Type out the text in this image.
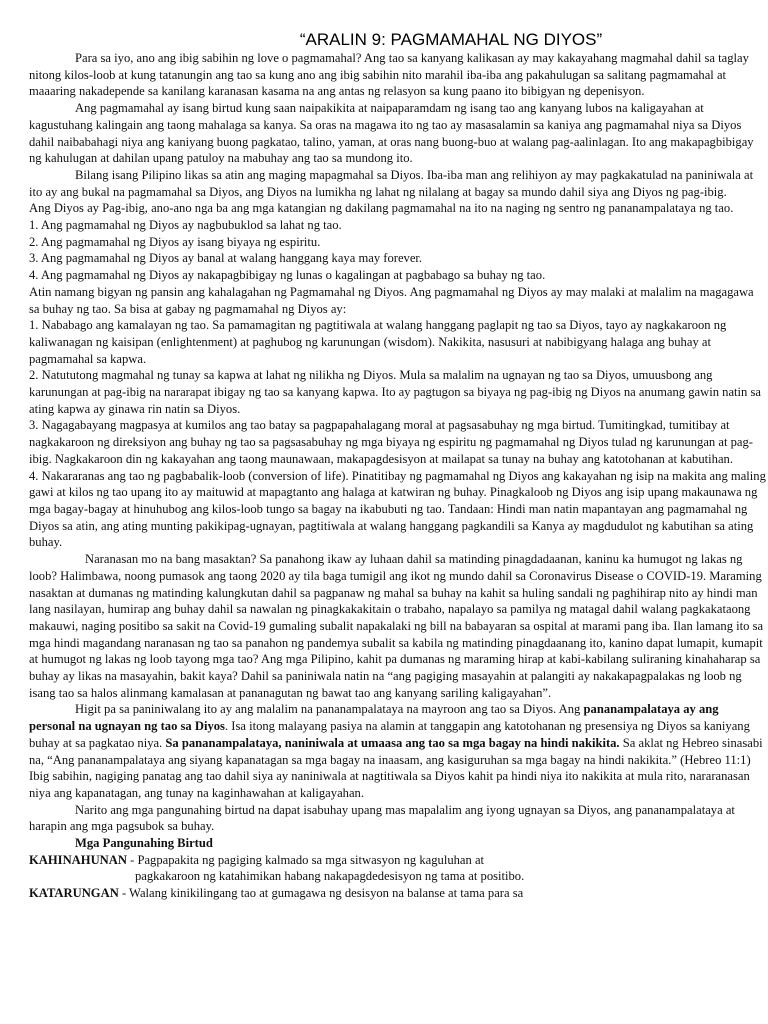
“ARALIN 9: PAGMAMAHAL NG DIYOS”

Para sa iyo, ano ang ibig sabihin ng love o pagmamahal? Ang tao sa kanyang kalikasan ay may kakayahang magmahal dahil sa taglay nitong kilos-loob at kung tatanungin ang tao sa kung ano ang ibig sabihin nito marahil iba-iba ang pakahulugan sa salitang pagmamahal at maaaring nakadepende sa kanilang karanasan kasama na ang antas ng relasyon sa kung paano ito bibigyan ng depenisyon.

Ang pagmamahal ay isang birtud kung saan naipakikita at naipaparamdam ng isang tao ang kanyang lubos na kaligayahan at kagustuhang kalingain ang taong mahalaga sa kanya. Sa oras na magawa ito ng tao ay masasalamin sa kaniya ang pagmamahal niya sa Diyos dahil naibabahagi niya ang kaniyang buong pagkatao, talino, yaman, at oras nang buong-buo at walang pag-aalinlagan. Ito ang makapagbibigay ng kahulugan at dahilan upang patuloy na mabuhay ang tao sa mundong ito.

Bilang isang Pilipino likas sa atin ang maging mapagmahal sa Diyos. Iba-iba man ang relihiyon ay may pagkakatulad na paniniwala at ito ay ang bukal na pagmamahal sa Diyos, ang Diyos na lumikha ng lahat ng nilalang at bagay sa mundo dahil siya ang Diyos ng pag-ibig.

Ang Diyos ay Pag-ibig, ano-ano nga ba ang mga katangian ng dakilang pagmamahal na ito na naging ng sentro ng pananampalataya ng tao.

1. Ang pagmamahal ng Diyos ay nagbubuklod sa lahat ng tao.

2. Ang pagmamahal ng Diyos ay isang biyaya ng espiritu.

3. Ang pagmamahal ng Diyos ay banal at walang hanggang kaya may forever.

4. Ang pagmamahal ng Diyos ay nakapagbibigay ng lunas o kagalingan at pagbabago sa buhay ng tao.

Atin namang bigyan ng pansin ang kahalagahan ng Pagmamahal ng Diyos. Ang pagmamahal ng Diyos ay may malaki at malalim na magagawa sa buhay ng tao. Sa bisa at gabay ng pagmamahal ng Diyos ay:

1. Nababago ang kamalayan ng tao. Sa pamamagitan ng pagtitiwala at walang hanggang paglapit ng tao sa Diyos, tayo ay nagkakaroon ng kaliwanagan ng kaisipan (enlightenment) at paghubog ng karunungan (wisdom). Nakikita, nasusuri at nabibigyang halaga ang buhay at pagmamahal sa kapwa.

2. Natututong magmahal ng tunay sa kapwa at lahat ng nilikha ng Diyos. Mula sa malalim na ugnayan ng tao sa Diyos, umuusbong ang karunungan at pag-ibig na nararapat ibigay ng tao sa kanyang kapwa. Ito ay pagtugon sa biyaya ng pag-ibig ng Diyos na anumang gawin natin sa ating kapwa ay ginawa rin natin sa Diyos.

3. Nagagabayang magpasya at kumilos ang tao batay sa pagpapahalagang moral at pagsasabuhay ng mga birtud. Tumitingkad, tumitibay at nagkakaroon ng direksiyon ang buhay ng tao sa pagsasabuhay ng mga biyaya ng espiritu ng pagmamahal ng Diyos tulad ng karunungan at pag-ibig. Nagkakaroon din ng kakayahan ang taong maunawaan, makapagdesisyon at mailapat sa tunay na buhay ang katotohanan at kabutihan.

4. Nakararanas ang tao ng pagbabalik-loob (conversion of life). Pinatitibay ng pagmamahal ng Diyos ang kakayahan ng isip na makita ang maling gawi at kilos ng tao upang ito ay maituwid at mapagtanto ang halaga at katwiran ng buhay. Pinagkaloob ng Diyos ang isip upang makaunawa ng mga bagay-bagay at hinuhubog ang kilos-loob tungo sa bagay na ikabubuti ng tao. Tandaan: Hindi man natin mapantayan ang pagmamahal ng Diyos sa atin, ang ating munting pakikipag-ugnayan, pagtitiwala at walang hanggang pagkandili sa Kanya ay magdudulot ng kabutihan sa ating buhay.

Naranasan mo na bang masaktan? Sa panahong ikaw ay luhaan dahil sa matinding pinagdadaanan, kaninu ka humugot ng lakas ng loob? Halimbawa, noong pumasok ang taong 2020 ay tila baga tumigil ang ikot ng mundo dahil sa Coronavirus Disease o COVID-19. Maraming nasaktan at dumanas ng matinding kalungkutan dahil sa pagpanaw ng mahal sa buhay na kahit sa huling sandali ng paghihirap nito ay hindi man lang nasilayan, humirap ang buhay dahil sa nawalan ng pinagkakakitain o trabaho, napalayo sa pamilya ng matagal dahil walang pagkakataong makauwi, naging positibo sa sakit na Covid-19 gumaling subalit napakalaki ng bill na babayaran sa ospital at marami pang iba. Ilan lamang ito sa mga hindi magandang naranasan ng tao sa panahon ng pandemya subalit sa kabila ng matinding pinagdaanang ito, kanino dapat lumapit, kumapit at humugot ng lakas ng loob tayong mga tao? Ang mga Pilipino, kahit pa dumanas ng maraming hirap at kabi-kabilang suliraning kinahaharap sa buhay ay likas na masayahin, bakit kaya? Dahil sa paniniwala natin na “ang pagiging masayahin at palangiti ay nakakapagpalakas ng loob ng isang tao sa halos alinmang kamalasan at pananagutan ng bawat tao ang kanyang sariling kaligayahan”.

Higit pa sa paniniwalang ito ay ang malalim na pananampalataya na mayroon ang tao sa Diyos. Ang pananampalataya ay ang personal na ugnayan ng tao sa Diyos. Isa itong malayang pasiya na alamin at tanggapin ang katotohanan ng presensiya ng Diyos sa kaniyang buhay at sa pagkatao niya. Sa pananampalataya, naniniwala at umaasa ang tao sa mga bagay na hindi nakikita. Sa aklat ng Hebreo sinasabi na, “Ang pananampalataya ang siyang kapanatagan sa mga bagay na inaasam, ang kasiguruhan sa mga bagay na hindi nakikita.” (Hebreo 11:1) Ibig sabihin, nagiging panatag ang tao dahil siya ay naniniwala at nagtitiwala sa Diyos kahit pa hindi niya ito nakikita at mula rito, nararanasan niya ang kapanatagan, ang tunay na kaginhawahan at kaligayahan.

Narito ang mga pangunahing birtud na dapat isabuhay upang mas mapalalim ang iyong ugnayan sa Diyos, ang pananampalataya at harapin ang mga pagsubok sa buhay.

Mga Pangunahing Birtud

KAHINAHUNAN - Pagpapakita ng pagiging kalmado sa mga sitwasyon ng kaguluhan at

pagkakaroon ng katahimikan habang nakapagdedesisyon ng tama at positibo.

KATARUNGAN - Walang kinikilingang tao at gumagawa ng desisyon na balanse at tama para sa
